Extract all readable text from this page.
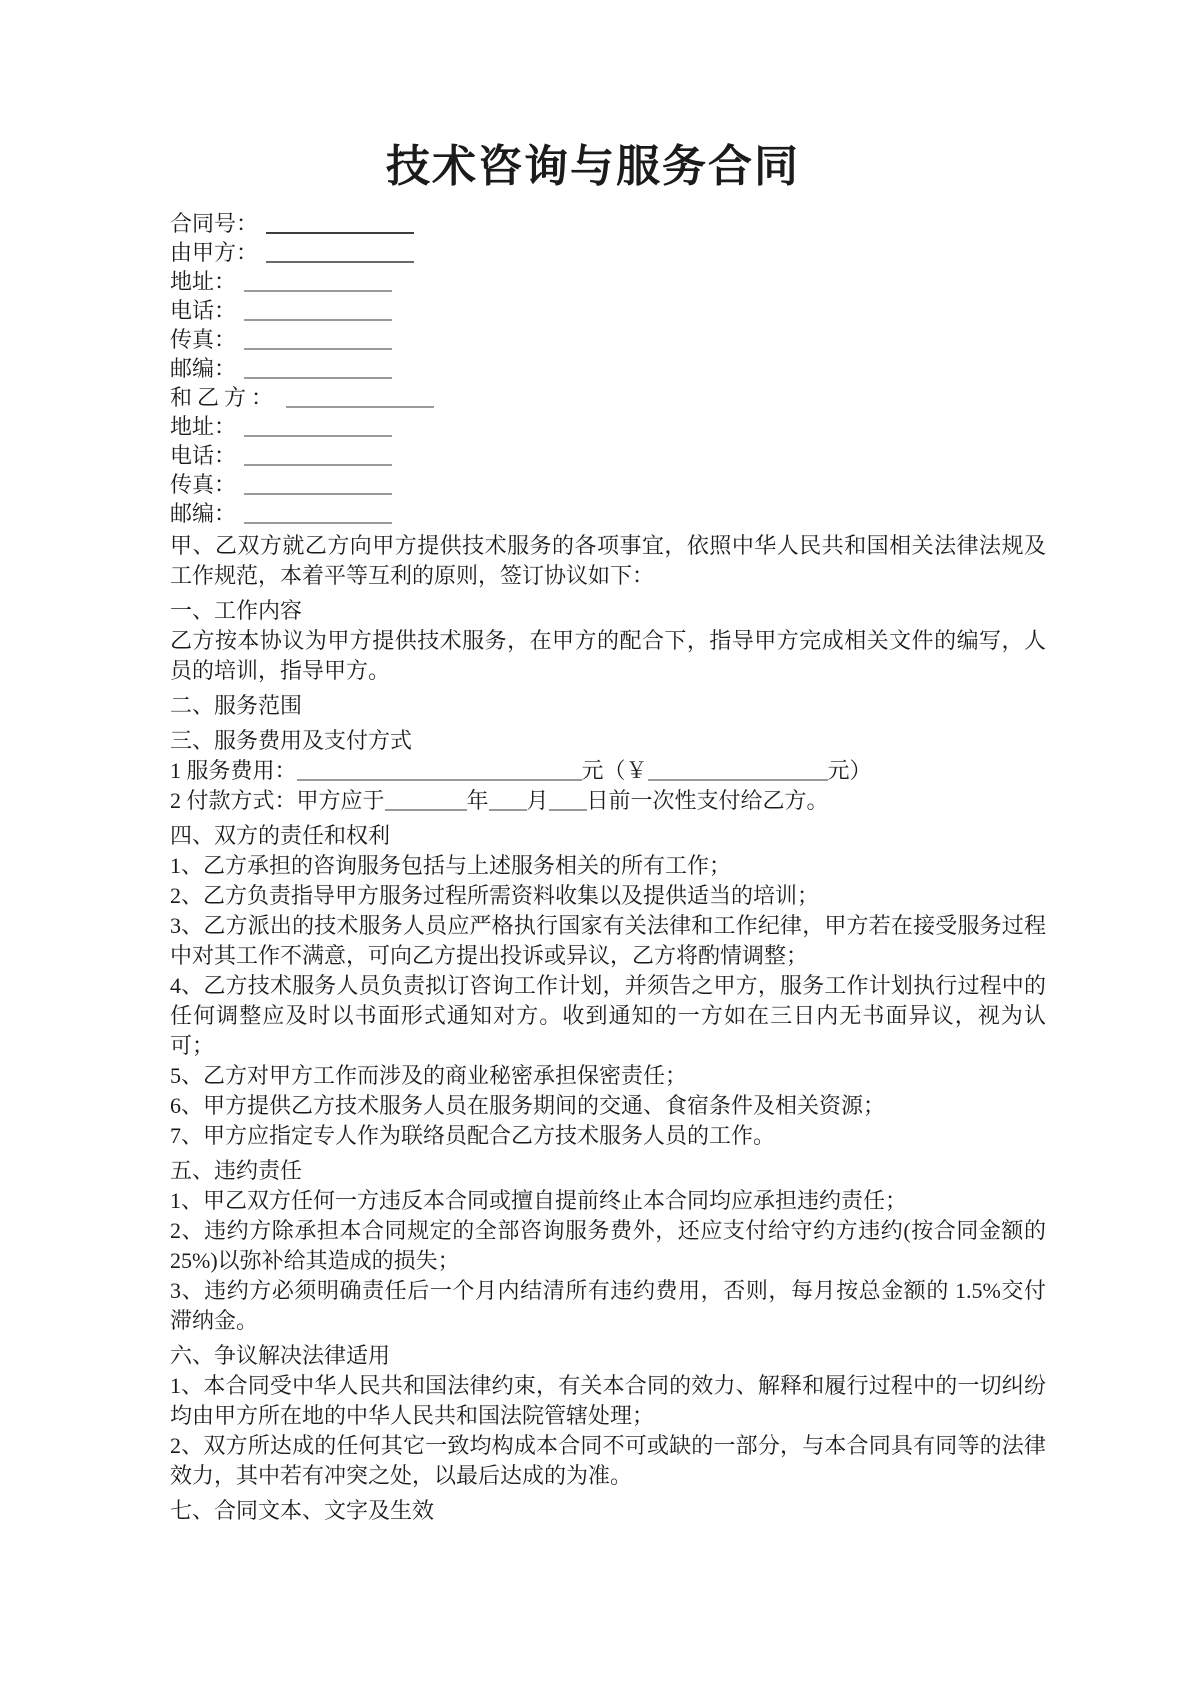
技术咨询与服务合同
合同号：
由甲方：
地址：
电话：
传真：
邮编：
和乙方：
地址：
电话：
传真：
邮编：
甲、乙双方就乙方向甲方提供技术服务的各项事宜，依照中华人民共和国相关法律法规及工作规范，本着平等互利的原则，签订协议如下：
一、工作内容
乙方按本协议为甲方提供技术服务，在甲方的配合下，指导甲方完成相关文件的编写，人员的培训，指导甲方。
二、服务范围
三、服务费用及支付方式
1 服务费用：	元（￥	元）
2 付款方式：甲方应于	年 月 日前一次性支付给乙方。
四、双方的责任和权利
1、乙方承担的咨询服务包括与上述服务相关的所有工作；
2、乙方负责指导甲方服务过程所需资料收集以及提供适当的培训；
3、乙方派出的技术服务人员应严格执行国家有关法律和工作纪律，甲方若在接受服务过程中对其工作不满意，可向乙方提出投诉或异议，乙方将酌情调整；
4、乙方技术服务人员负责拟订咨询工作计划，并须告之甲方，服务工作计划执行过程中的任何调整应及时以书面形式通知对方。收到通知的一方如在三日内无书面异议，视为认可；
5、乙方对甲方工作而涉及的商业秘密承担保密责任；
6、甲方提供乙方技术服务人员在服务期间的交通、食宿条件及相关资源；
7、甲方应指定专人作为联络员配合乙方技术服务人员的工作。
五、违约责任
1、甲乙双方任何一方违反本合同或擅自提前终止本合同均应承担违约责任；
2、违约方除承担本合同规定的全部咨询服务费外，还应支付给守约方违约(按合同金额的25%)以弥补给其造成的损失；
3、违约方必须明确责任后一个月内结清所有违约费用，否则，每月按总金额的 1.5%交付滞纳金。
六、争议解决法律适用
1、本合同受中华人民共和国法律约束，有关本合同的效力、解释和履行过程中的一切纠纷均由甲方所在地的中华人民共和国法院管辖处理；
2、双方所达成的任何其它一致均构成本合同不可或缺的一部分，与本合同具有同等的法律效力，其中若有冲突之处，以最后达成的为准。
七、合同文本、文字及生效
